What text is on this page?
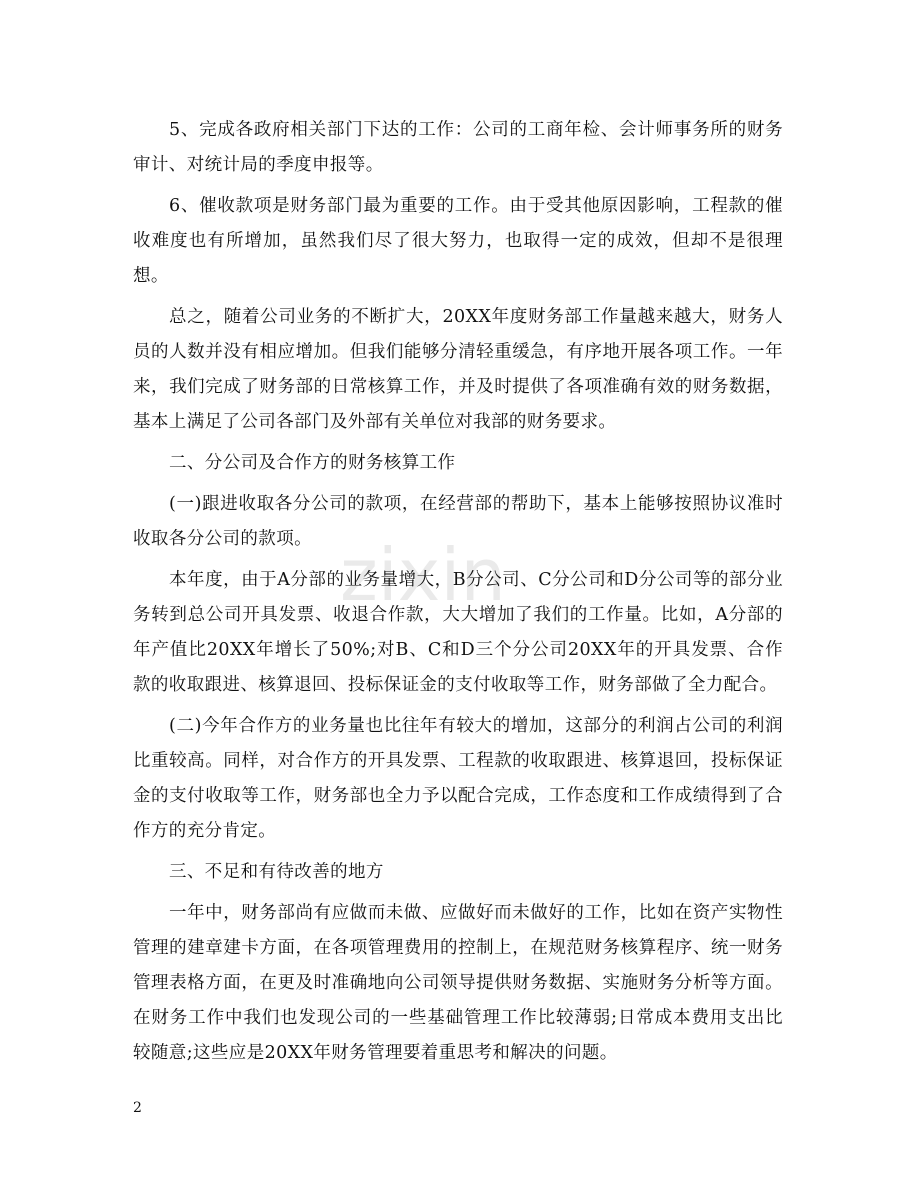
zixin

5、完成各政府相关部门下达的工作：公司的工商年检、会计师事务所的财务审计、对统计局的季度申报等。

6、催收款项是财务部门最为重要的工作。由于受其他原因影响，工程款的催收难度也有所增加，虽然我们尽了很大努力，也取得一定的成效，但却不是很理想。

总之，随着公司业务的不断扩大，20XX年度财务部工作量越来越大，财务人员的人数并没有相应增加。但我们能够分清轻重缓急，有序地开展各项工作。一年来，我们完成了财务部的日常核算工作，并及时提供了各项准确有效的财务数据，基本上满足了公司各部门及外部有关单位对我部的财务要求。

二、分公司及合作方的财务核算工作

(一)跟进收取各分公司的款项，在经营部的帮助下，基本上能够按照协议准时收取各分公司的款项。

本年度，由于A分部的业务量增大，B分公司、C分公司和D分公司等的部分业务转到总公司开具发票、收退合作款，大大增加了我们的工作量。比如，A分部的年产值比20XX年增长了50%;对B、C和D三个分公司20XX年的开具发票、合作款的收取跟进、核算退回、投标保证金的支付收取等工作，财务部做了全力配合。

(二)今年合作方的业务量也比往年有较大的增加，这部分的利润占公司的利润比重较高。同样，对合作方的开具发票、工程款的收取跟进、核算退回，投标保证金的支付收取等工作，财务部也全力予以配合完成，工作态度和工作成绩得到了合作方的充分肯定。

三、不足和有待改善的地方

一年中，财务部尚有应做而未做、应做好而未做好的工作，比如在资产实物性管理的建章建卡方面，在各项管理费用的控制上，在规范财务核算程序、统一财务管理表格方面，在更及时准确地向公司领导提供财务数据、实施财务分析等方面。在财务工作中我们也发现公司的一些基础管理工作比较薄弱;日常成本费用支出比较随意;这些应是20XX年财务管理要着重思考和解决的问题。

2
